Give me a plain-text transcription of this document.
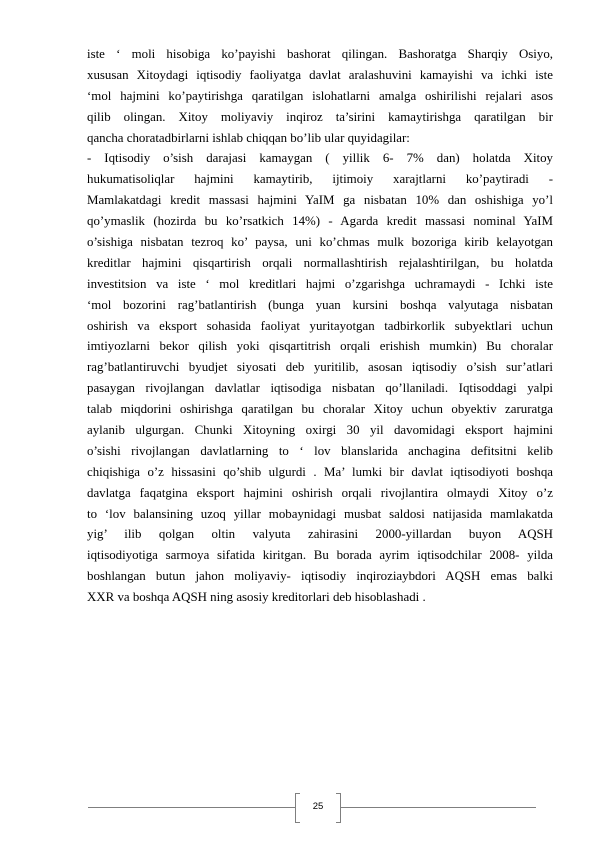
iste ‘ moli hisobiga ko’payishi bashorat qilingan. Bashoratga Sharqiy Osiyo,
xususan Xitoydagi iqtisodiy faoliyatga davlat aralashuvini kamayishi va ichki iste
‘mol hajmini ko’paytirishga qaratilgan islohatlarni amalga oshirilishi rejalari asos
qilib olingan. Xitoy moliyaviy inqiroz ta’sirini kamaytirishga qaratilgan bir
qancha choratadbirlarni ishlab chiqqan bo’lib ular quyidagilar:
- Iqtisodiy o’sish darajasi kamaygan ( yillik 6- 7% dan) holatda Xitoy
hukumatisoliqlar hajmini kamaytirib, ijtimoiy xarajtlarni ko’paytiradi -
Mamlakatdagi kredit massasi hajmini YaIM ga nisbatan 10% dan oshishiga yo’l
qo’ymaslik (hozirda bu ko’rsatkich 14%) - Agarda kredit massasi nominal YaIM
o’sishiga nisbatan tezroq ko’ paysa, uni ko’chmas mulk bozoriga kirib kelayotgan
kreditlar hajmini qisqartirish orqali normallashtirish rejalashtirilgan, bu holatda
investitsion va iste ‘ mol kreditlari hajmi o’zgarishga uchramaydi - Ichki iste
‘mol bozorini rag’batlantirish (bunga yuan kursini boshqa valyutaga nisbatan
oshirish va eksport sohasida faoliyat yuritayotgan tadbirkorlik subyektlari uchun
imtiyozlarni bekor qilish yoki qisqartitrish orqali erishish mumkin) Bu choralar
rag’batlantiruvchi byudjet siyosati deb yuritilib, asosan iqtisodiy o’sish sur’atlari
pasaygan rivojlangan davlatlar iqtisodiga nisbatan qo’llaniladi. Iqtisoddagi yalpi
talab miqdorini oshirishga qaratilgan bu choralar Xitoy uchun obyektiv zaruratga
aylanib ulgurgan. Chunki Xitoyning oxirgi 30 yil davomidagi eksport hajmini
o’sishi rivojlangan davlatlarning to ‘ lov blanslarida anchagina defitsitni kelib
chiqishiga o’z hissasini qo’shib ulgurdi . Ma’ lumki bir davlat iqtisodiyoti boshqa
davlatga faqatgina eksport hajmini oshirish orqali rivojlantira olmaydi Xitoy o’z
to ‘lov balansining uzoq yillar mobaynidagi musbat saldosi natijasida mamlakatda
yig’ ilib qolgan oltin valyuta zahirasini 2000-yillardan buyon AQSH
iqtisodiyotiga sarmoya sifatida kiritgan. Bu borada ayrim iqtisodchilar 2008- yilda
boshlangan butun jahon moliyaviy- iqtisodiy inqiroziaybdori AQSH emas balki
XXR va boshqa AQSH ning asosiy kreditorlari deb hisoblashadi .
25
